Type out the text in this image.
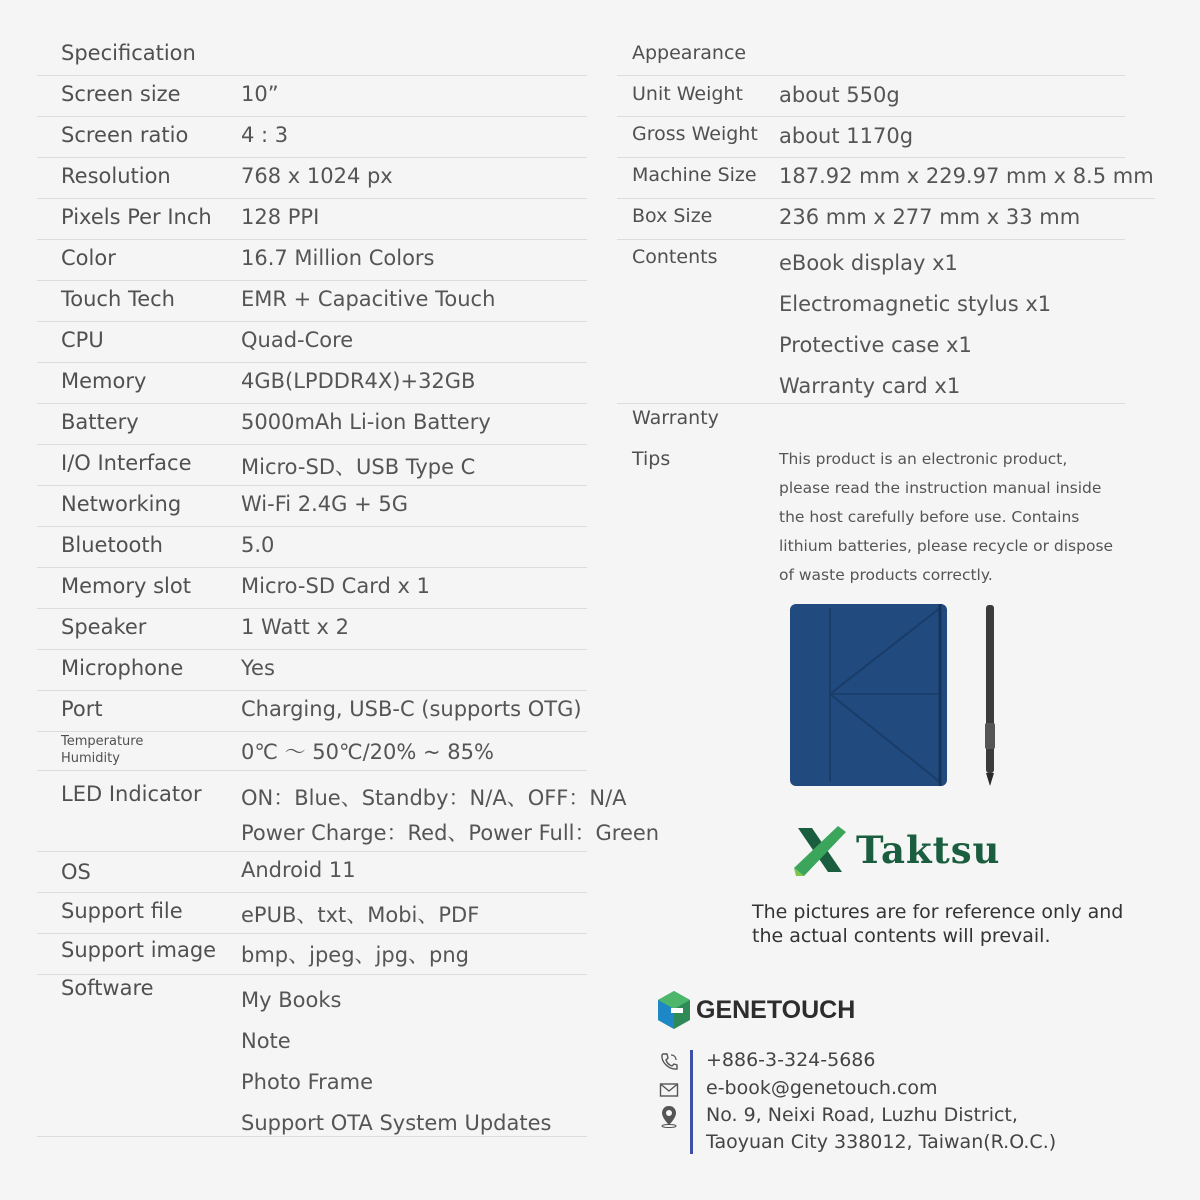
Specification
Screen size	10”
Screen ratio	4 : 3
Resolution	768 x 1024 px
Pixels Per Inch 128 PPI
Color	16.7 Million Colors
Touch Tech	EMR + Capacitive Touch
CPU	Quad-Core
Memory	4GB(LPDDR4X)+32GB
Battery	5000mAh Li-ion Battery
I/O Interface Micro-SD、USB Type C
Networking	Wi-Fi 2.4G + 5G
Bluetooth	5.0
Memory slot Micro-SD Card x 1
Speaker	1 Watt x 2
Microphone	Yes
Port	Charging, USB-C (supports OTG)
Temperature
Humidity	0℃ ～ 50℃/20% ~ 85%
LED Indicator ON：Blue、Standby：N/A、OFF：N/A
Power Charge：Red、Power Full：Green
OS	Android 11
Support file	ePUB、txt、Mobi、PDF
Support image bmp、jpeg、jpg、png
Software	My Books
Note
Photo Frame
Support OTA System Updates
Appearance
Unit Weight about 550g
Gross Weight about 1170g
Machine Size 187.92 mm x 229.97 mm x 8.5 mm
Box Size	236 mm x 277 mm x 33 mm
Contents	eBook display x1
Electromagnetic stylus x1
Protective case x1
Warranty card x1
Warranty
Tips	This product is an electronic product, please read the instruction manual inside the host carefully before use. Contains lithium batteries, please recycle or dispose of waste products correctly.
Taktsu
The pictures are for reference only and the actual contents will prevail.
GENETOUCH
+886-3-324-5686
e-book@genetouch.com
No. 9, Neixi Road, Luzhu District,
Taoyuan City 338012, Taiwan(R.O.C.)
